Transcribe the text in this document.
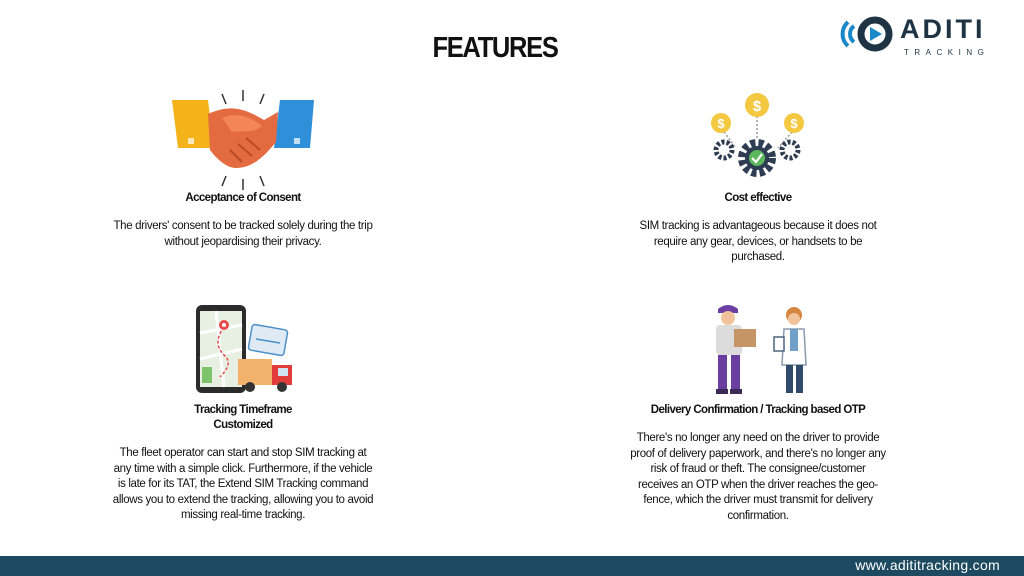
FEATURES
ADITI
TRACKING
Acceptance of Consent
The drivers' consent to be tracked solely during the trip without jeopardising their privacy.
$
$	$
Cost effective
SIM tracking is advantageous because it does not require any gear, devices, or handsets to be purchased.
Tracking Timeframe Customized
The fleet operator can start and stop SIM tracking at any time with a simple click. Furthermore, if the vehicle is late for its TAT, the Extend SIM Tracking command allows you to extend the tracking, allowing you to avoid missing real-time tracking.
Delivery Confirmation / Tracking based OTP
There's no longer any need on the driver to provide proof of delivery paperwork, and there's no longer any risk of fraud or theft. The consignee/customer receives an OTP when the driver reaches the geo-fence, which the driver must transmit for delivery confirmation.
www.adititracking.com
